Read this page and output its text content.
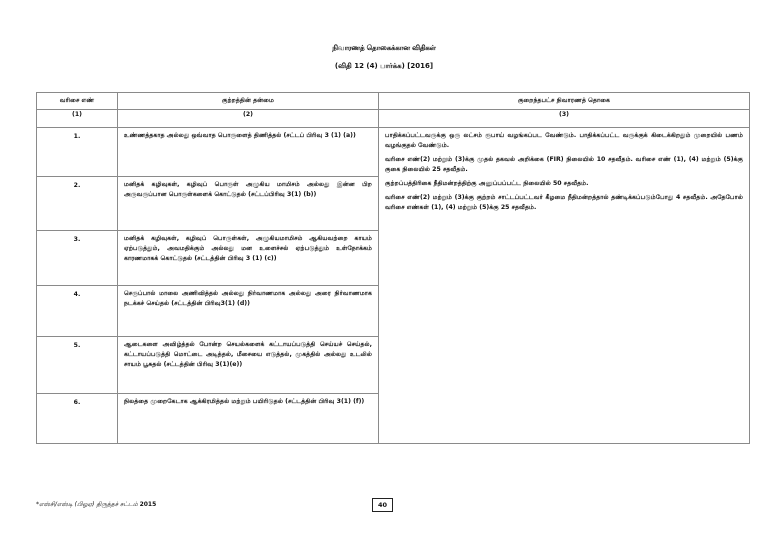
நிவாரணத் தொகைக்கான விதிகள்
(விதி 12 (4) பார்க்க) [2016]
வரிசை எண்	குற்றத்தின் தன்மை	குறைந்தபட்ச நிவாரணத் தொகை
(1)	(2)	(3)
1.	உண்ணத்தகாத அல்லது ஒவ்வாத பொருளைத் திணித்தல் (சட்டப் பிரிவு 3 (1) (a))	பாதிக்கப்பட்டவருக்கு ஒரு லட்சம் ரூபாய் வழங்கப்பட வேண்டும். பாதிக்கப்பட்ட வருக்குக் கிடைக்கிறதும் முறையில் பணம் வழங்குதல் வேண்டும்.

வரிசை எண்(2) மற்றும் (3)க்கு முதல் தகவல் அறிக்கை (FIR) நிலையில் 10 சதவீதம். வரிசை எண் (1), (4) மற்றும் (5)க்கு குகை நிலையில் 25 சதவீதம்.

குற்றப்பத்திரிகை நீதிமன்றத்திற்கு அனுப்பப்பட்ட நிலையில் 50 சதவீதம்.

வரிசை எண்(2) மற்றும் (3)க்கு குற்றம் சாட்டப்பட்டவர் கீழமை நீதிமன்றத்தால் தண்டிக்கப்படும்போது 4 சதவீதம். அதேபோல் வரிசை எண்கள் (1), (4) மற்றும் (5)க்கு 25 சதவீதம்.

2.	மனிதக் கழிவுகள், கழிவுப் பொருள் அழுகிய மாமிசம் அல்லது இன்ன பிற அருவருப்பான பொருள்களைக் கொட்டுதல் (சட்டப்பிரிவு 3(1) (b))	
3.	மனிதக் கழிவுகள், கழிவுப் பொருள்கள், அழுகியமாமிசம் ஆகியவற்றை காயம் ஏற்படுத்தும், அவமதிக்கும் அல்லது மன உளைச்சல் ஏற்படுத்தும் உள்நோக்கம் காரணமாகக் கொட்டுதல் (சட்டத்தின் பிரிவு 3 (1) (c))	
4.	செருப்பால் மாலை அணிவித்தல் அல்லது நிர்வாணமாக அல்லது அரை நிர்வாணமாக நடக்கச் செய்தல் (சட்டத்தின் பிரிவு3(1) (d))	
5.	ஆடைகளை அவிழ்த்தல் போன்ற செயல்களைக் கட்டாயப்படுத்தி செய்யச் செய்தல், கட்டாயப்படுத்தி மொட்டை அடித்தல், மீசையை எடுத்தல், முகத்தில் அல்லது உடலில் சாயம் பூசுதல் (சட்டத்தின் பிரிவு 3(1)(e))	
6.	நிலத்தை முறைகேடாக ஆக்கிரமித்தல் மற்றும் பயிரிடுதல் (சட்டத்தின் பிரிவு 3(1) (f))	
*எஸ்சி/எஸ்டி (பிஓஏ) திருத்தச் சட்டம் 2015	40
